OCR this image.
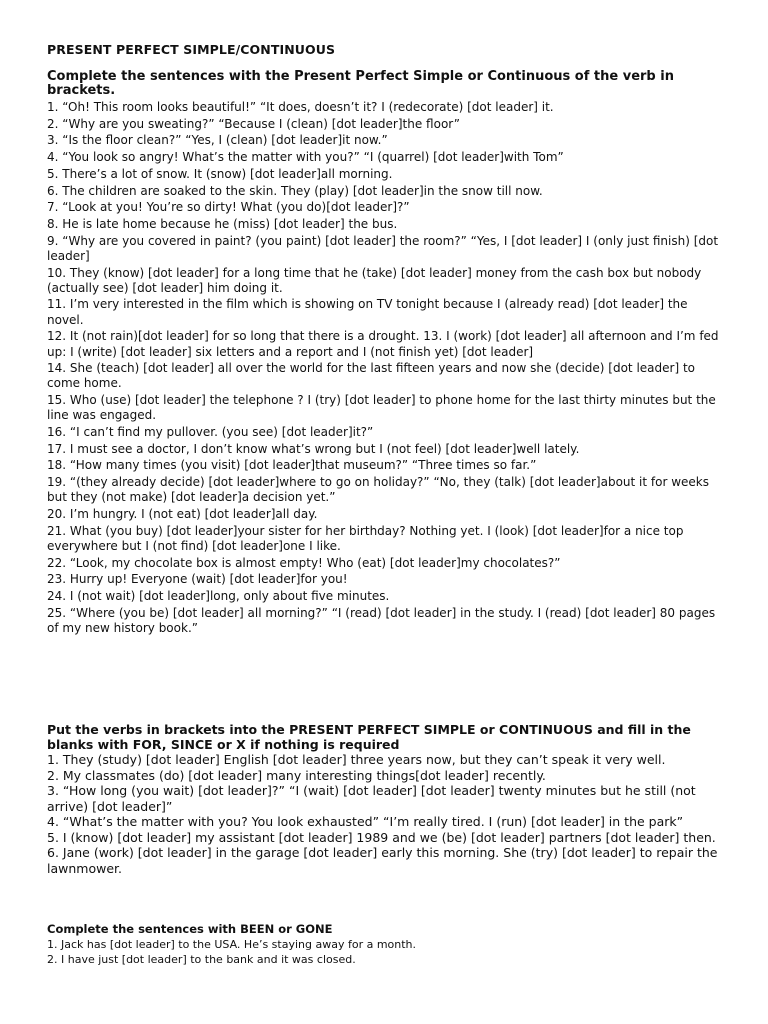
PRESENT PERFECT SIMPLE/CONTINUOUS
Complete the sentences with the Present Perfect Simple or Continuous of the verb in brackets.
1. “Oh! This room looks beautiful!” “It does, doesn’t it? I (redecorate) [dot leader] it.
2. “Why are you sweating?” “Because I (clean) [dot leader]the floor”
3. “Is the floor clean?” “Yes, I (clean) [dot leader]it now.”
4. “You look so angry! What’s the matter with you?” “I (quarrel) [dot leader]with Tom”
5. There’s a lot of snow. It (snow) [dot leader]all morning.
6. The children are soaked to the skin. They (play) [dot leader]in the snow till now.
7. “Look at you! You’re so dirty! What (you do)[dot leader]?”
8. He is late home because he (miss) [dot leader] the bus.
9. “Why are you covered in paint? (you paint) [dot leader] the room?” “Yes, I [dot leader] I (only just finish) [dot leader]
10. They (know) [dot leader] for a long time that he (take) [dot leader] money from the cash box but nobody (actually see) [dot leader] him doing it.
11. I’m very interested in the film which is showing on TV tonight because I (already read) [dot leader] the novel.
12. It (not rain)[dot leader] for so long that there is a drought. 13. I (work) [dot leader] all afternoon and I’m fed up: I (write) [dot leader] six letters and a report and I (not finish yet) [dot leader]
14. She (teach) [dot leader] all over the world for the last fifteen years and now she (decide) [dot leader] to come home.
15. Who (use) [dot leader] the telephone ? I (try) [dot leader] to phone home for the last thirty minutes but the line was engaged.
16. “I can’t find my pullover. (you see) [dot leader]it?”
17. I must see a doctor, I don’t know what’s wrong but I (not feel) [dot leader]well lately.
18. “How many times (you visit) [dot leader]that museum?” “Three times so far.”
19. “(they already decide) [dot leader]where to go on holiday?” “No, they (talk) [dot leader]about it for weeks but they (not make) [dot leader]a decision yet.”
20. I’m hungry. I (not eat) [dot leader]all day.
21. What (you buy) [dot leader]your sister for her birthday? Nothing yet. I (look) [dot leader]for a nice top everywhere but I (not find) [dot leader]one I like.
22. “Look, my chocolate box is almost empty! Who (eat) [dot leader]my chocolates?”
23. Hurry up! Everyone (wait) [dot leader]for you!
24. I (not wait) [dot leader]long, only about five minutes.
25. “Where (you be) [dot leader] all morning?” “I (read) [dot leader] in the study. I (read) [dot leader] 80 pages of my new history book.”
Put the verbs in brackets into the PRESENT PERFECT SIMPLE or CONTINUOUS and fill in the blanks with FOR, SINCE or X if nothing is required
1. They (study) [dot leader] English [dot leader] three years now, but they can’t speak it very well.
2. My classmates (do) [dot leader] many interesting things[dot leader] recently.
3. “How long (you wait) [dot leader]?” “I (wait) [dot leader] [dot leader] twenty minutes but he still (not arrive) [dot leader]”
4. “What’s the matter with you? You look exhausted” “I’m really tired. I (run) [dot leader] in the park”
5. I (know) [dot leader] my assistant [dot leader] 1989 and we (be) [dot leader] partners [dot leader] then.
6. Jane (work) [dot leader] in the garage [dot leader] early this morning. She (try) [dot leader] to repair the lawnmower.
Complete the sentences with BEEN or GONE
1. Jack has [dot leader] to the USA. He’s staying away for a month.
2. I have just [dot leader] to the bank and it was closed.
